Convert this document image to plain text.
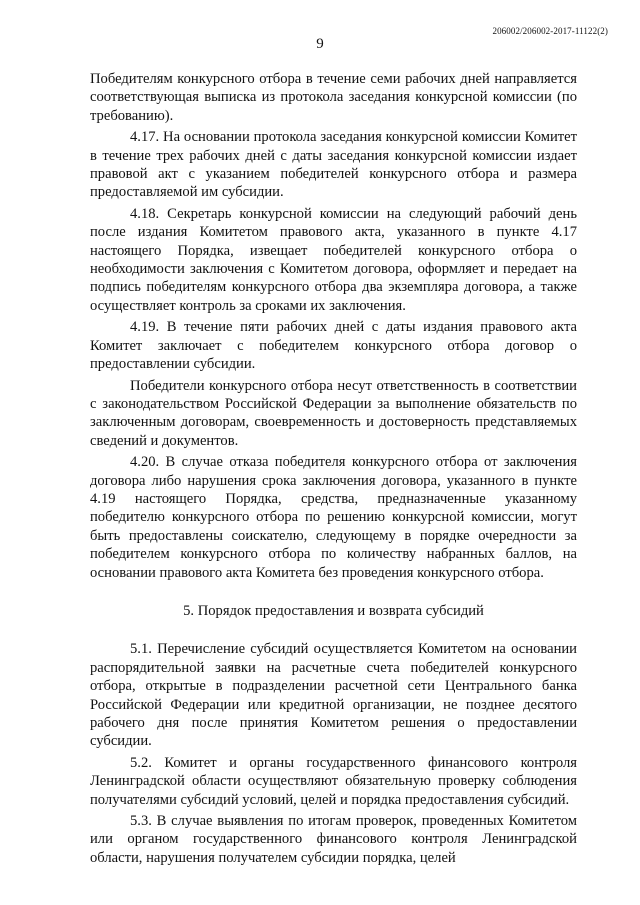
206002/206002-2017-11122(2)
9

Победителям конкурсного отбора в течение семи рабочих дней направляется соответствующая выписка из протокола заседания конкурсной комиссии (по требованию).

4.17. На основании протокола заседания конкурсной комиссии Комитет в течение трех рабочих дней с даты заседания конкурсной комиссии издает правовой акт с указанием победителей конкурсного отбора и размера предоставляемой им субсидии.

4.18. Секретарь конкурсной комиссии на следующий рабочий день после издания Комитетом правового акта, указанного в пункте 4.17 настоящего Порядка, извещает победителей конкурсного отбора о необходимости заключения с Комитетом договора, оформляет и передает на подпись победителям конкурсного отбора два экземпляра договора, а также осуществляет контроль за сроками их заключения.

4.19. В течение пяти рабочих дней с даты издания правового акта Комитет заключает с победителем конкурсного отбора договор о предоставлении субсидии.

Победители конкурсного отбора несут ответственность в соответствии с законодательством Российской Федерации за выполнение обязательств по заключенным договорам, своевременность и достоверность представляемых сведений и документов.

4.20. В случае отказа победителя конкурсного отбора от заключения договора либо нарушения срока заключения договора, указанного в пункте 4.19 настоящего Порядка, средства, предназначенные указанному победителю конкурсного отбора по решению конкурсной комиссии, могут быть предоставлены соискателю, следующему в порядке очередности за победителем конкурсного отбора по количеству набранных баллов, на основании правового акта Комитета без проведения конкурсного отбора.

5. Порядок предоставления и возврата субсидий

5.1. Перечисление субсидий осуществляется Комитетом на основании распорядительной заявки на расчетные счета победителей конкурсного отбора, открытые в подразделении расчетной сети Центрального банка Российской Федерации или кредитной организации, не позднее десятого рабочего дня после принятия Комитетом решения о предоставлении субсидии.

5.2. Комитет и органы государственного финансового контроля Ленинградской области осуществляют обязательную проверку соблюдения получателями субсидий условий, целей и порядка предоставления субсидий.

5.3. В случае выявления по итогам проверок, проведенных Комитетом или органом государственного финансового контроля Ленинградской области, нарушения получателем субсидии порядка, целей
